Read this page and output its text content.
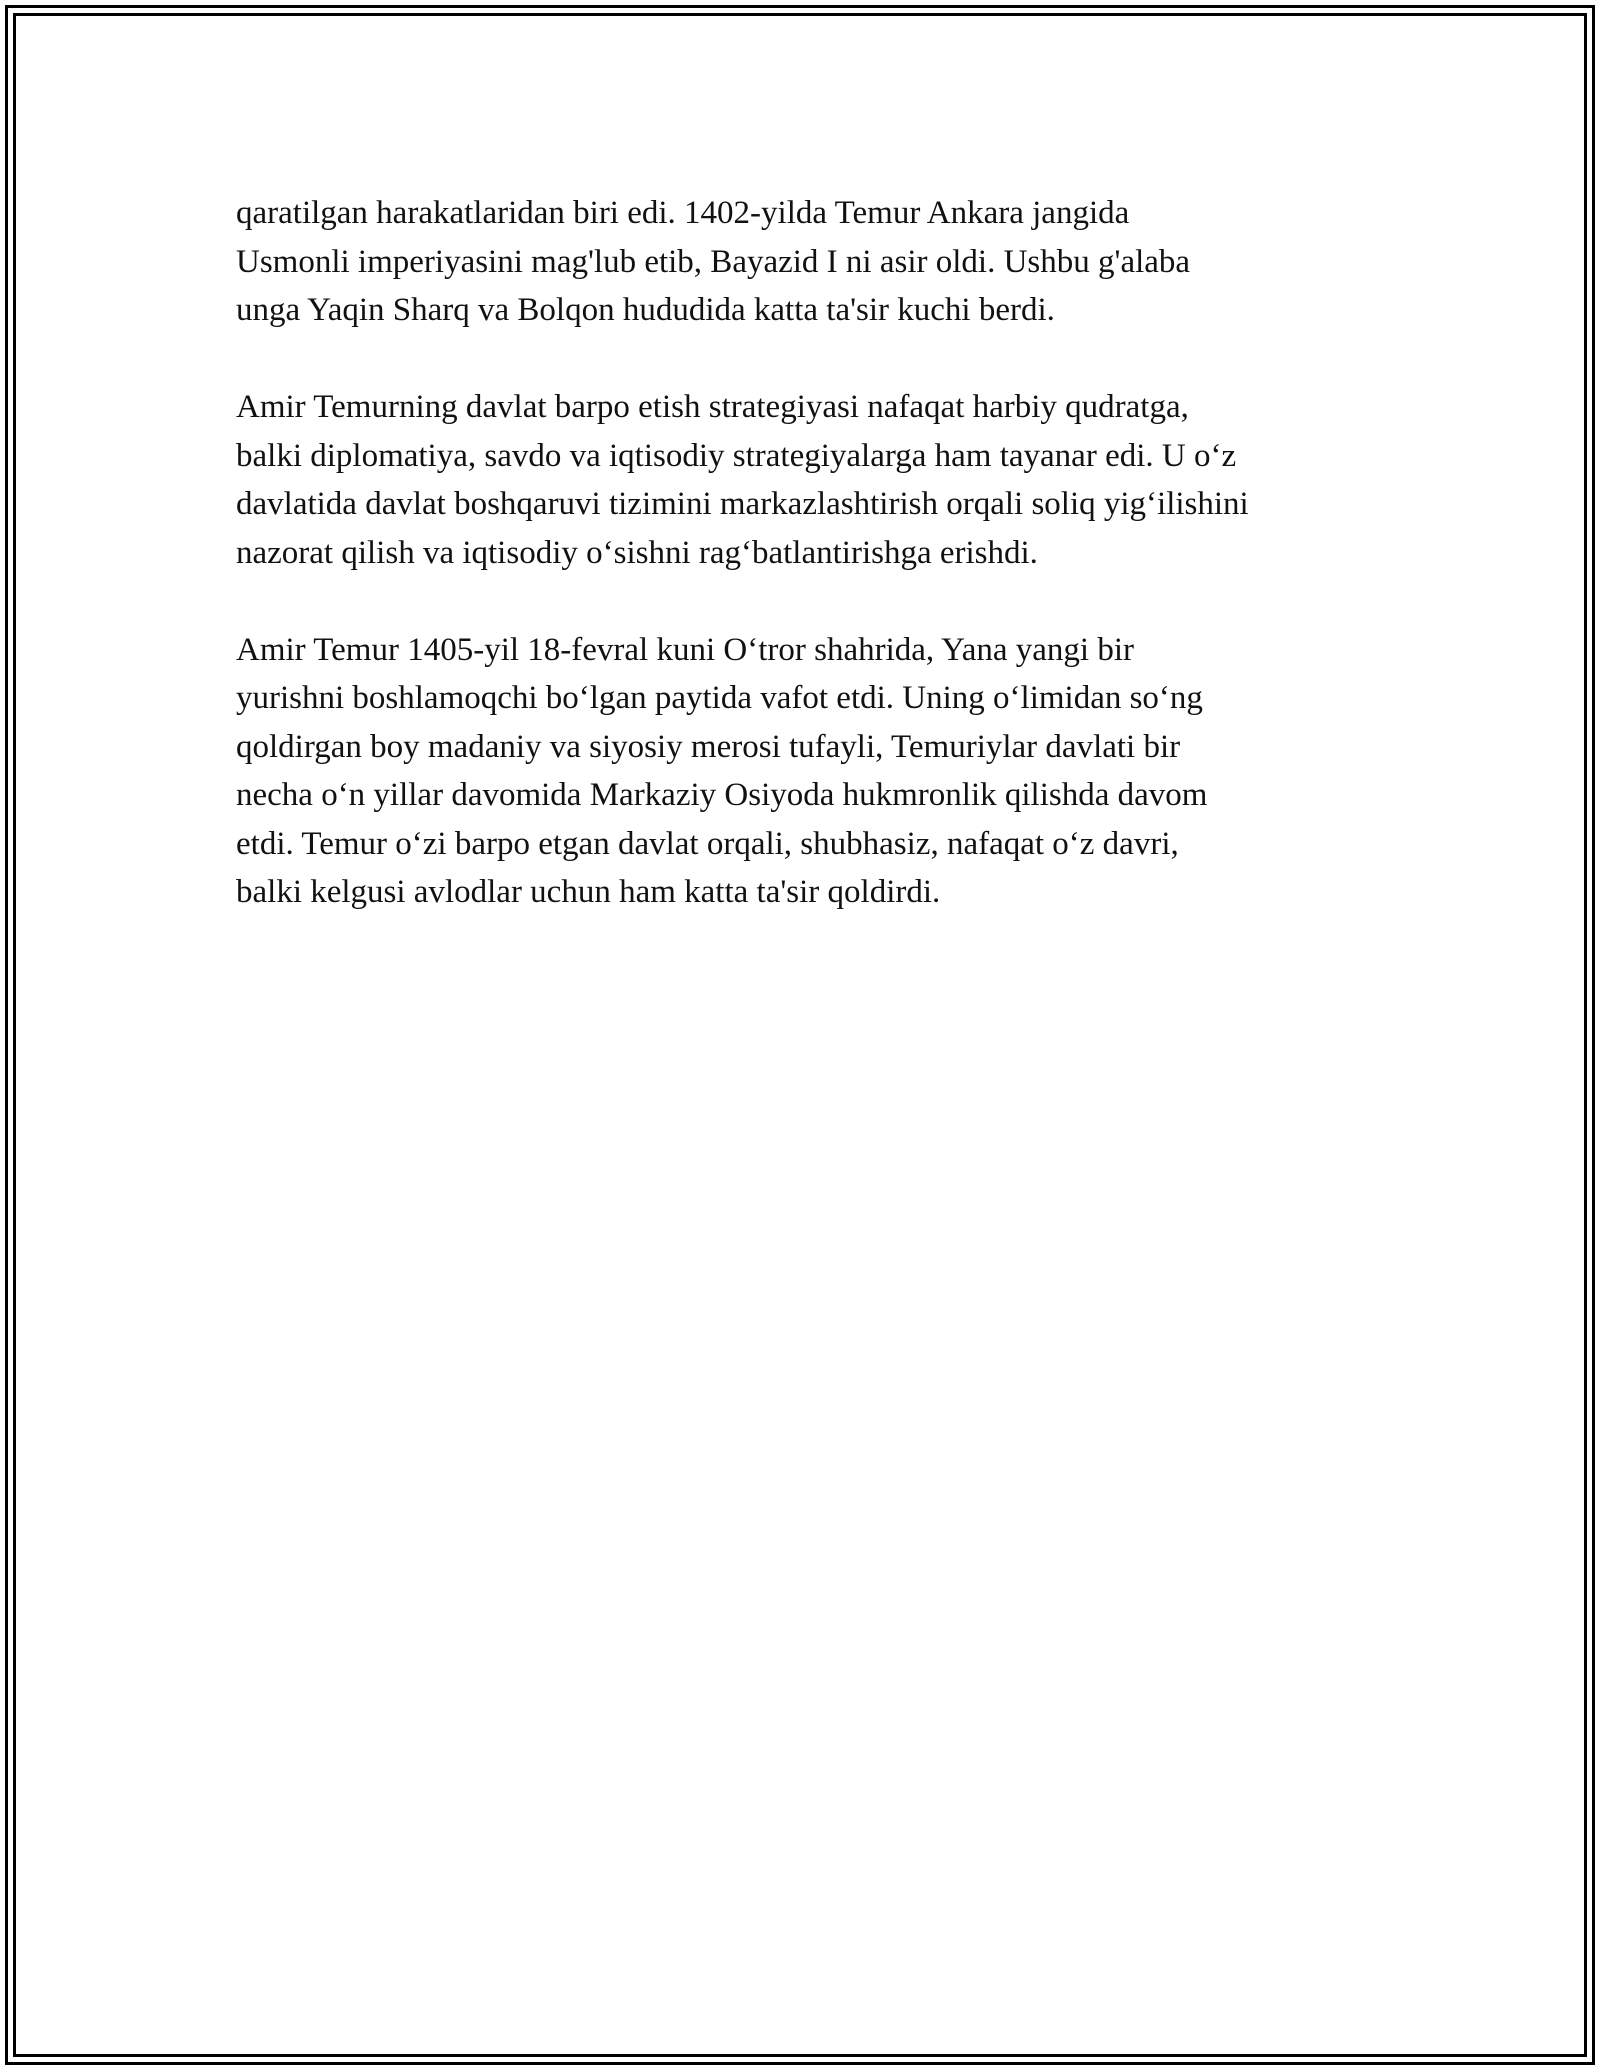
qaratilgan harakatlaridan biri edi. 1402-yilda Temur Ankara jangida
Usmonli imperiyasini mag'lub etib, Bayazid I ni asir oldi. Ushbu g'alaba
unga Yaqin Sharq va Bolqon hududida katta ta'sir kuchi berdi.

Amir Temurning davlat barpo etish strategiyasi nafaqat harbiy qudratga,
balki diplomatiya, savdo va iqtisodiy strategiyalarga ham tayanar edi. U o‘z
davlatida davlat boshqaruvi tizimini markazlashtirish orqali soliq yig‘ilishini
nazorat qilish va iqtisodiy o‘sishni rag‘batlantirishga erishdi.

Amir Temur 1405-yil 18-fevral kuni O‘tror shahrida, Yana yangi bir
yurishni boshlamoqchi bo‘lgan paytida vafot etdi. Uning o‘limidan so‘ng
qoldirgan boy madaniy va siyosiy merosi tufayli, Temuriylar davlati bir
necha o‘n yillar davomida Markaziy Osiyoda hukmronlik qilishda davom
etdi. Temur o‘zi barpo etgan davlat orqali, shubhasiz, nafaqat o‘z davri,
balki kelgusi avlodlar uchun ham katta ta'sir qoldirdi.
